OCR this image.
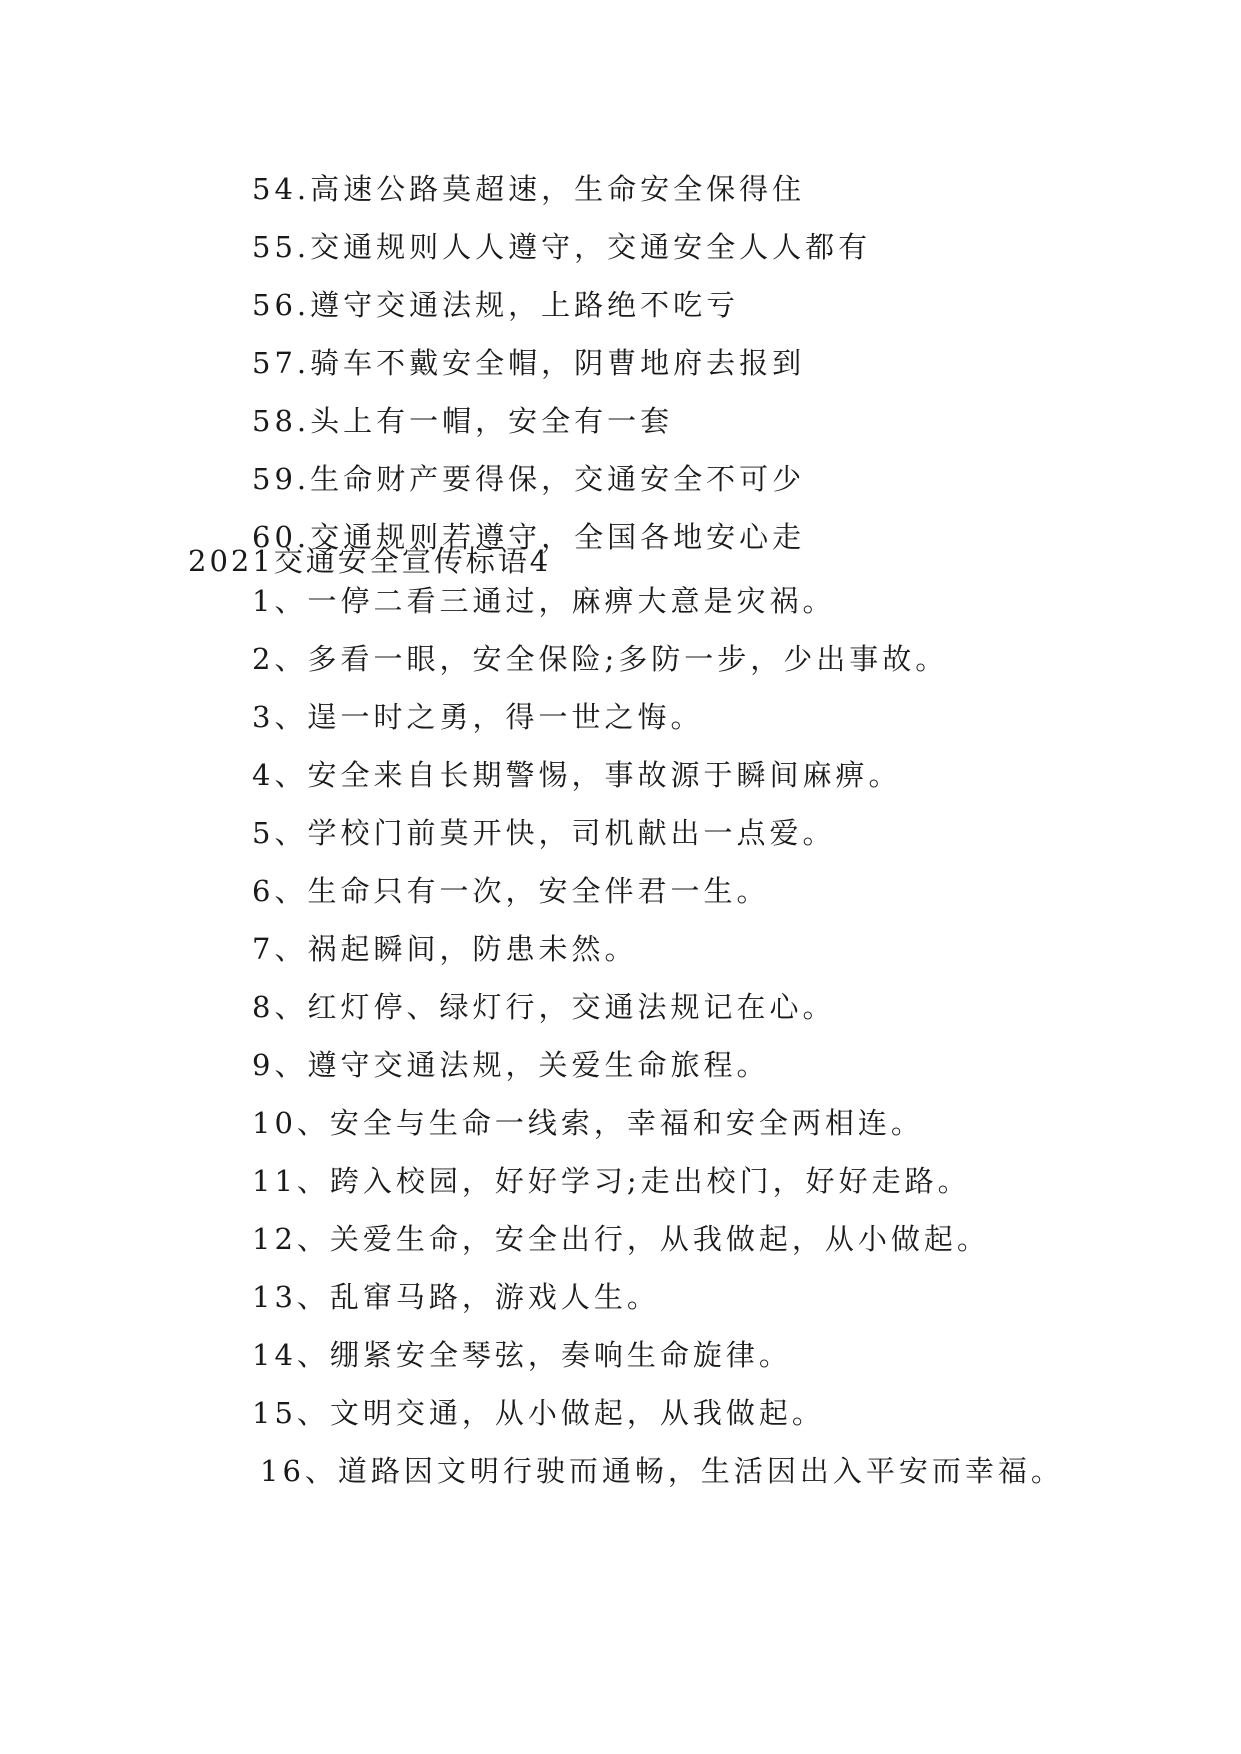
54.高速公路莫超速，生命安全保得住
55.交通规则人人遵守，交通安全人人都有
56.遵守交通法规，上路绝不吃亏
57.骑车不戴安全帽，阴曹地府去报到
58.头上有一帽，安全有一套
59.生命财产要得保，交通安全不可少
60.交通规则若遵守，全国各地安心走
2021交通安全宣传标语4
1、一停二看三通过，麻痹大意是灾祸。
2、多看一眼，安全保险;多防一步，少出事故。
3、逞一时之勇，得一世之悔。
4、安全来自长期警惕，事故源于瞬间麻痹。
5、学校门前莫开快，司机献出一点爱。
6、生命只有一次，安全伴君一生。
7、祸起瞬间，防患未然。
8、红灯停、绿灯行，交通法规记在心。
9、遵守交通法规，关爱生命旅程。
10、安全与生命一线索，幸福和安全两相连。
11、跨入校园，好好学习;走出校门，好好走路。
12、关爱生命，安全出行，从我做起，从小做起。
13、乱窜马路，游戏人生。
14、绷紧安全琴弦，奏响生命旋律。
15、文明交通，从小做起，从我做起。
16、道路因文明行驶而通畅，生活因出入平安而幸福。
